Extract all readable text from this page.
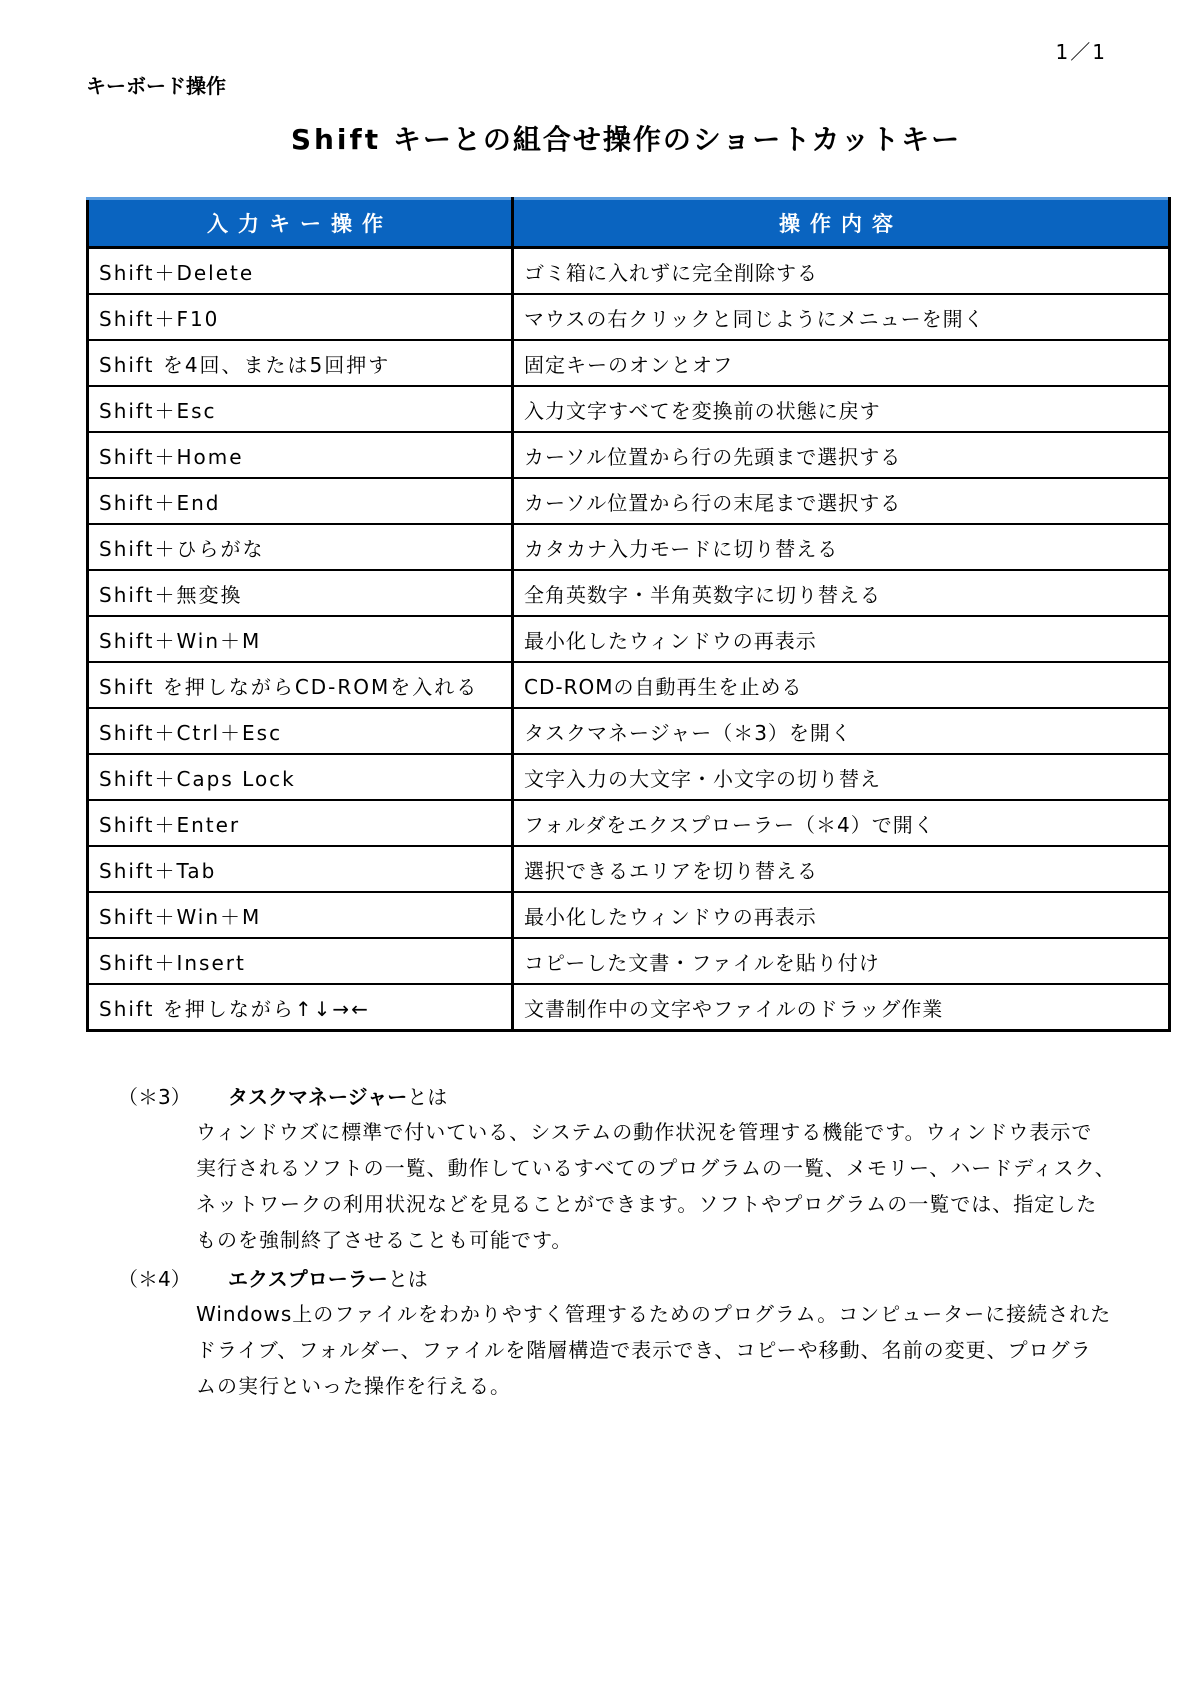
1／1
キーボード操作
Shift キーとの組合せ操作のショートカットキー
入力キー操作	操作内容
Shift＋Delete	ゴミ箱に入れずに完全削除する
Shift＋F10	マウスの右クリックと同じようにメニューを開く
Shift を4回、または5回押す	固定キーのオンとオフ
Shift＋Esc	入力文字すべてを変換前の状態に戻す
Shift＋Home	カーソル位置から行の先頭まで選択する
Shift＋End	カーソル位置から行の末尾まで選択する
Shift＋ひらがな	カタカナ入力モードに切り替える
Shift＋無変換	全角英数字・半角英数字に切り替える
Shift＋Win＋M	最小化したウィンドウの再表示
Shift を押しながらCD-ROMを入れる	CD-ROMの自動再生を止める
Shift＋Ctrl＋Esc	タスクマネージャー（＊3）を開く
Shift＋Caps Lock	文字入力の大文字・小文字の切り替え
Shift＋Enter	フォルダをエクスプローラー（＊4）で開く
Shift＋Tab	選択できるエリアを切り替える
Shift＋Win＋M	最小化したウィンドウの再表示
Shift＋Insert	コピーした文書・ファイルを貼り付け
Shift を押しながら↑↓→←	文書制作中の文字やファイルのドラッグ作業
（＊3） タスクマネージャーとは
ウィンドウズに標準で付いている、システムの動作状況を管理する機能です。ウィンドウ表示で
実行されるソフトの一覧、動作しているすべてのプログラムの一覧、メモリー、ハードディスク、
ネットワークの利用状況などを見ることができます。ソフトやプログラムの一覧では、指定した
ものを強制終了させることも可能です。
（＊4） エクスプローラーとは
Windows上のファイルをわかりやすく管理するためのプログラム。コンピューターに接続された
ドライブ、フォルダー、ファイルを階層構造で表示でき、コピーや移動、名前の変更、プログラ
ムの実行といった操作を行える。
